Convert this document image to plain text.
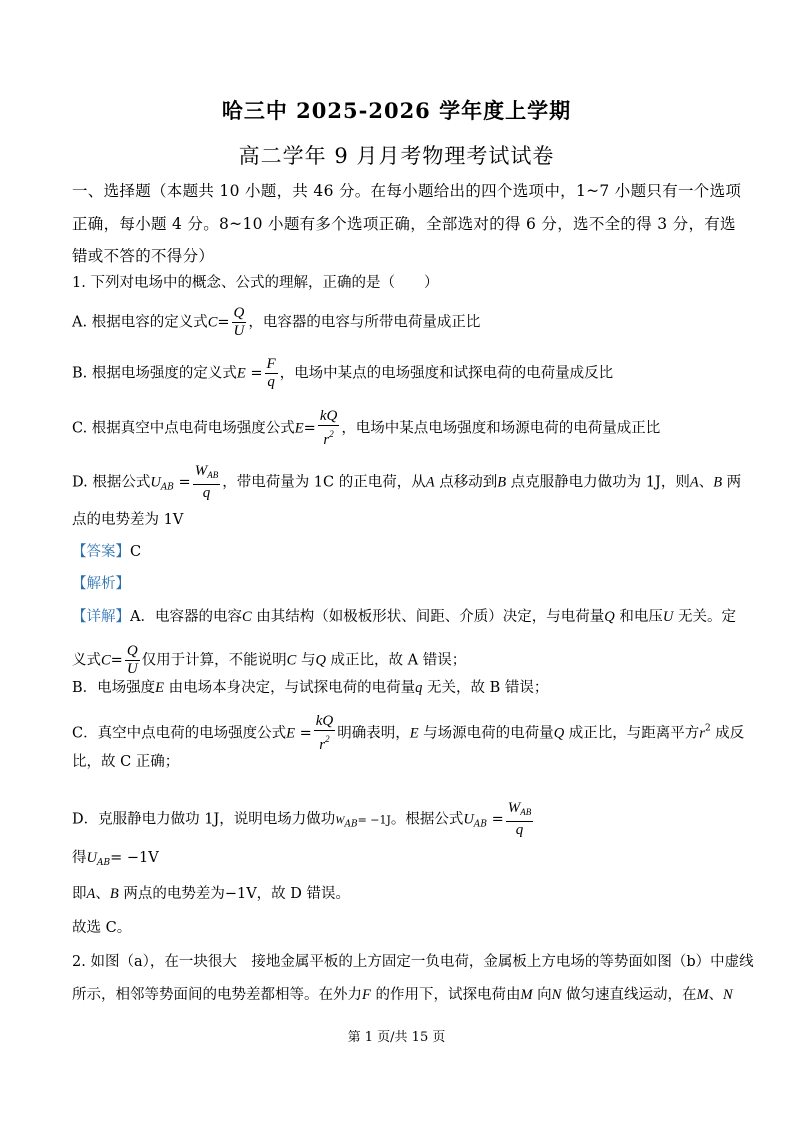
哈三中 2025-2026 学年度上学期
高二学年 9 月月考物理考试试卷
一、选择题（本题共 10 小题，共 46 分。在每小题给出的四个选项中，1~7 小题只有一个选项
正确，每小题 4 分。8~10 小题有多个选项正确，全部选对的得 6 分，选不全的得 3 分，有选
错或不答的不得分）
1. 下列对电场中的概念、公式的理解，正确的是（　　）
A. 根据电容的定义式$C= \frac{Q}{U}$ ，电容器的电容与所带电荷量成正比
B. 根据电场强度的定义式$E = \frac{F}{q}$ ，电场中某点的电场强度和试探电荷的电荷量成反比
C. 根据真空中点电荷电场强度公式$E= \frac{kQ}{r^2}$ ，电场中某点电场强度和场源电荷的电荷量成正比
D. 根据公式$U_{AB} = \frac{W_{AB}}{q}$ ，带电荷量为 1C 的正电荷，从A 点移动到B 点克服静电力做功为 1J，则A、B 两
点的电势差为 1V
【答案】C
【解析】
【详解】A．电容器的电容C 由其结构（如极板形状、间距、介质）决定，与电荷量Q 和电压U 无关。定
义式$C= \frac{Q}{U}$ 仅用于计算，不能说明C 与Q 成正比，故 A 错误；
B．电场强度E 由电场本身决定，与试探电荷的电荷量q 无关，故 B 错误；
C．真空中点电荷的电场强度公式$E = \frac{kQ}{r^2}$ 明确表明，E 与场源电荷的电荷量Q 成正比，与距离平方$r^2$ 成反
比，故 C 正确；
D．克服静电力做功 1J，说明电场力做功$W_{AB}= -1J$。根据公式$U_{AB} = \frac{W_{AB}}{q}$
得$U_{AB}= -1V$
即A、B 两点的电势差为−1V，故 D 错误。
故选 C。
2. 如图（a），在一块很大　接地金属平板的上方固定一负电荷，金属板上方电场的等势面如图（b）中虚线
所示，相邻等势面间的电势差都相等。在外力F 的作用下，试探电荷由M 向N 做匀速直线运动，在M、N
第 1 页/共 15 页
